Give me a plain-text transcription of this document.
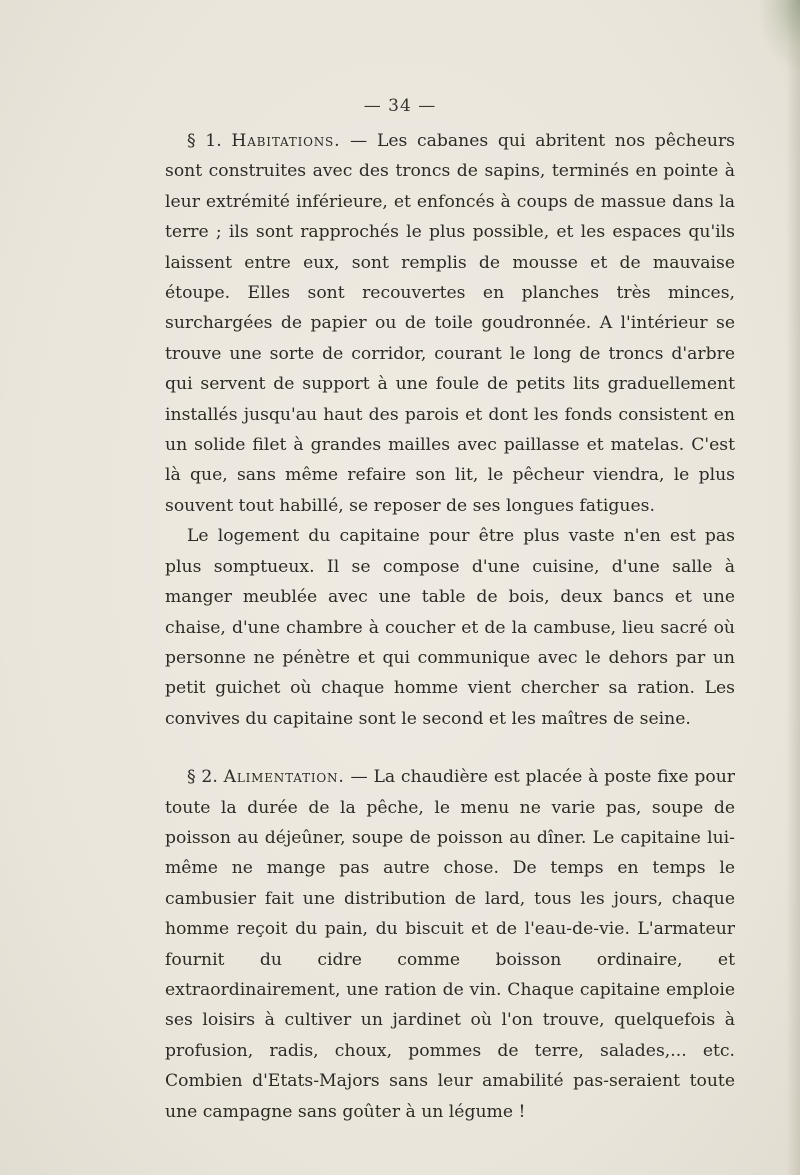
— 34 —

§ 1. Habitations. — Les cabanes qui abritent nos pêcheurs sont construites avec des troncs de sapins, terminés en pointe à leur extrémité inférieure, et enfoncés à coups de massue dans la terre ; ils sont rapprochés le plus possible, et les espaces qu'ils laissent entre eux, sont remplis de mousse et de mauvaise étoupe. Elles sont recouvertes en planches très minces, surchargées de papier ou de toile goudronnée. A l'intérieur se trouve une sorte de corridor, courant le long de troncs d'arbre qui servent de support à une foule de petits lits graduellement installés jusqu'au haut des parois et dont les fonds consistent en un solide filet à grandes mailles avec paillasse et matelas. C'est là que, sans même refaire son lit, le pêcheur viendra, le plus souvent tout habillé, se reposer de ses longues fatigues.

Le logement du capitaine pour être plus vaste n'en est pas plus somptueux. Il se compose d'une cuisine, d'une salle à manger meublée avec une table de bois, deux bancs et une chaise, d'une chambre à coucher et de la cambuse, lieu sacré où personne ne pénètre et qui communique avec le dehors par un petit guichet où chaque homme vient chercher sa ration. Les convives du capitaine sont le second et les maîtres de seine.

§ 2. Alimentation. — La chaudière est placée à poste fixe pour toute la durée de la pêche, le menu ne varie pas, soupe de poisson au déjeûner, soupe de poisson au dîner. Le capitaine lui-même ne mange pas autre chose. De temps en temps le cambusier fait une distribution de lard, tous les jours, chaque homme reçoit du pain, du biscuit et de l'eau-de-vie. L'armateur fournit du cidre comme boisson ordinaire, et extraordinairement, une ration de vin. Chaque capitaine emploie ses loisirs à cultiver un jardinet où l'on trouve, quelquefois à profusion, radis, choux, pommes de terre, salades,... etc. Combien d'Etats-Majors sans leur amabilité pas-seraient toute une campagne sans goûter à un légume !
